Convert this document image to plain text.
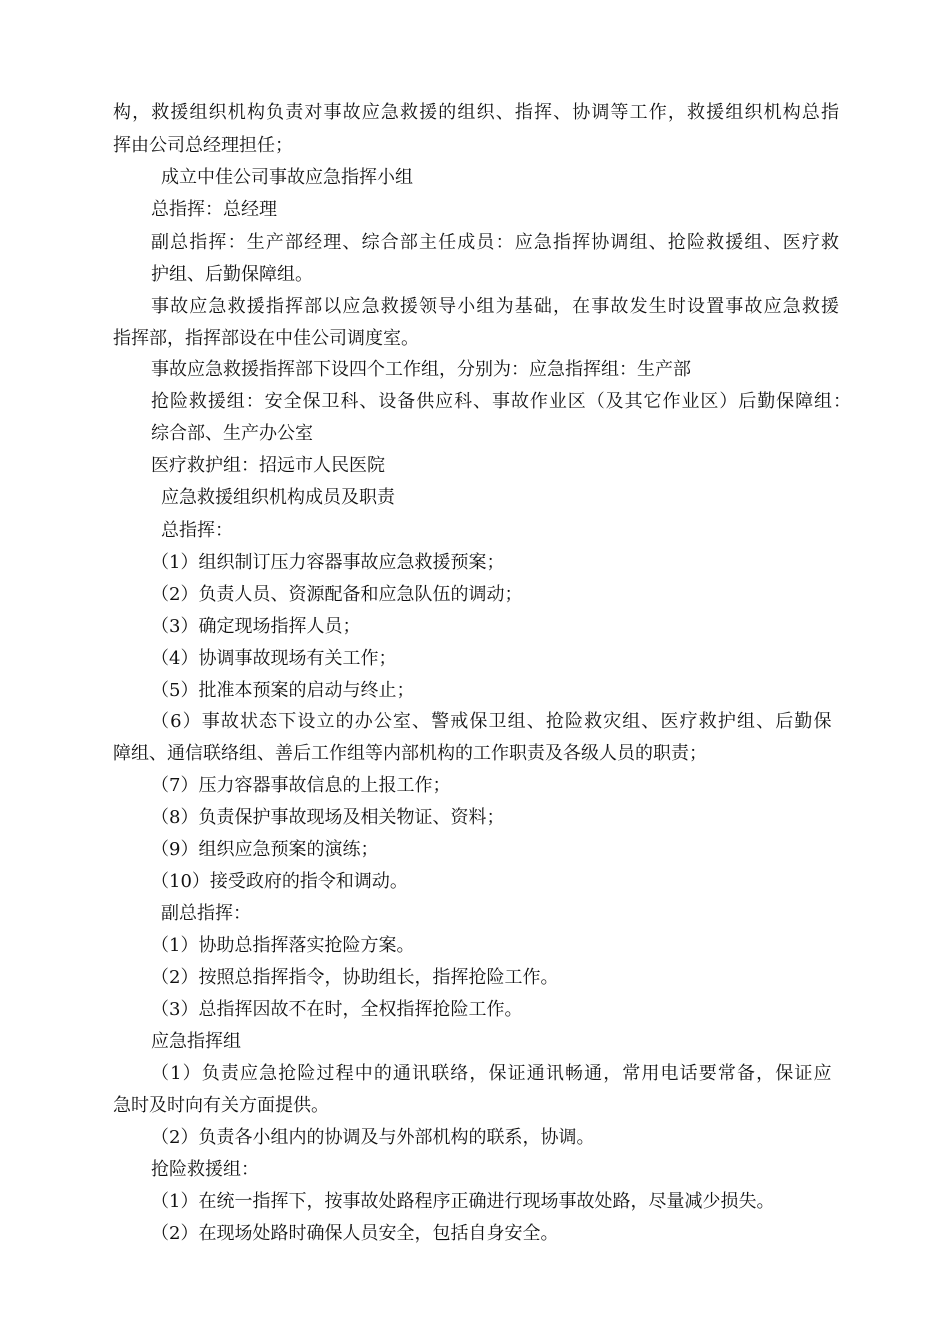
构，救援组织机构负责对事故应急救援的组织、指挥、协调等工作，救援组织机构总指
挥由公司总经理担任；
成立中佳公司事故应急指挥小组
总指挥：总经理
副总指挥：生产部经理、综合部主任成员：应急指挥协调组、抢险救援组、医疗救
护组、后勤保障组。
事故应急救援指挥部以应急救援领导小组为基础，在事故发生时设置事故应急救援
指挥部，指挥部设在中佳公司调度室。
事故应急救援指挥部下设四个工作组，分别为：应急指挥组：生产部
抢险救援组：安全保卫科、设备供应科、事故作业区（及其它作业区）后勤保障组：
综合部、生产办公室
医疗救护组：招远市人民医院
应急救援组织机构成员及职责
总指挥：
（1）组织制订压力容器事故应急救援预案；
（2）负责人员、资源配备和应急队伍的调动；
（3）确定现场指挥人员；
（4）协调事故现场有关工作；
（5）批准本预案的启动与终止；
（6）事故状态下设立的办公室、警戒保卫组、抢险救灾组、医疗救护组、后勤保
障组、通信联络组、善后工作组等内部机构的工作职责及各级人员的职责；
（7）压力容器事故信息的上报工作；
（8）负责保护事故现场及相关物证、资料；
（9）组织应急预案的演练；
（10）接受政府的指令和调动。
副总指挥：
（1）协助总指挥落实抢险方案。
（2）按照总指挥指令，协助组长，指挥抢险工作。
（3）总指挥因故不在时，全权指挥抢险工作。
应急指挥组
（1）负责应急抢险过程中的通讯联络，保证通讯畅通，常用电话要常备，保证应
急时及时向有关方面提供。
（2）负责各小组内的协调及与外部机构的联系，协调。
抢险救援组：
（1）在统一指挥下，按事故处路程序正确进行现场事故处路，尽量减少损失。
（2）在现场处路时确保人员安全，包括自身安全。
